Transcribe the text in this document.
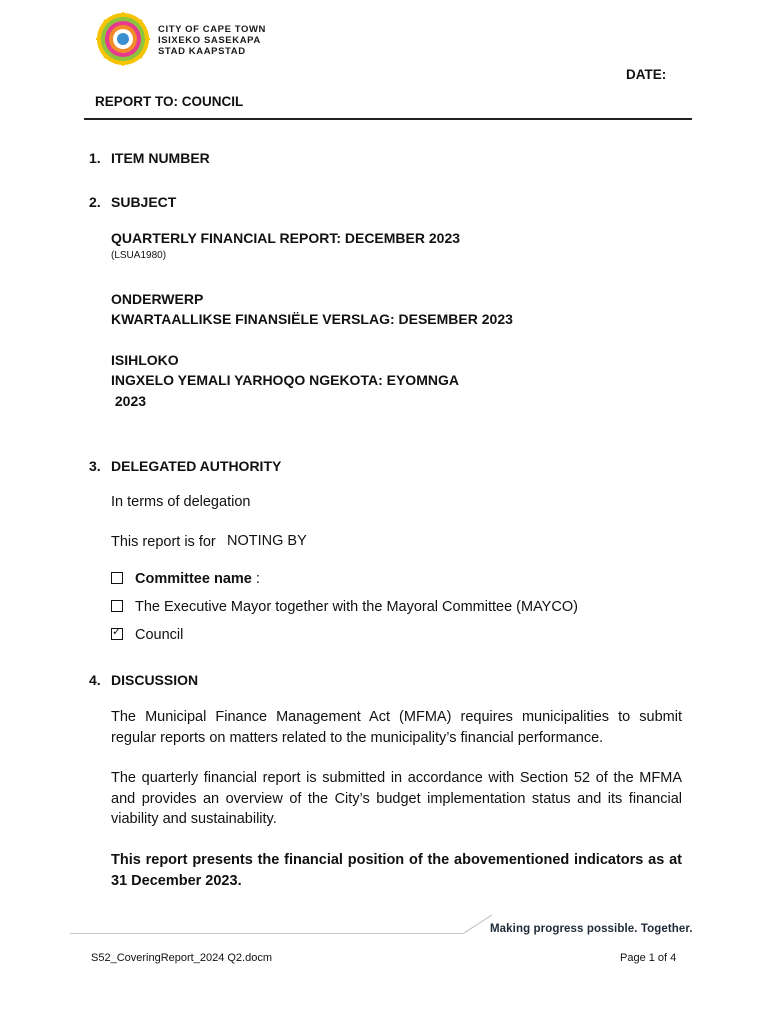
CITY OF CAPE TOWN
ISIXEKO SASEKAPA
STAD KAAPSTAD
DATE:
REPORT TO: COUNCIL
1. ITEM NUMBER
2. SUBJECT
QUARTERLY FINANCIAL REPORT: DECEMBER 2023
(LSUA1980)
ONDERWERP
KWARTAALLIKSE FINANSIËLE VERSLAG: DESEMBER 2023
ISIHLOKO
INGXELO YEMALI YARHOQO NGEKOTA: EYOMNGA
2023
3. DELEGATED AUTHORITY
In terms of delegation
This report is for NOTING BY
Committee name :
The Executive Mayor together with the Mayoral Committee (MAYCO)
✓
Council
4. DISCUSSION
The Municipal Finance Management Act (MFMA) requires municipalities to submit regular reports on matters related to the municipality’s financial performance.
The quarterly financial report is submitted in accordance with Section 52 of the MFMA and provides an overview of the City’s budget implementation status and its financial viability and sustainability.
This report presents the financial position of the abovementioned indicators as at 31 December 2023.
Making progress possible. Together.
S52_CoveringReport_2024 Q2.docm	Page 1 of 4
